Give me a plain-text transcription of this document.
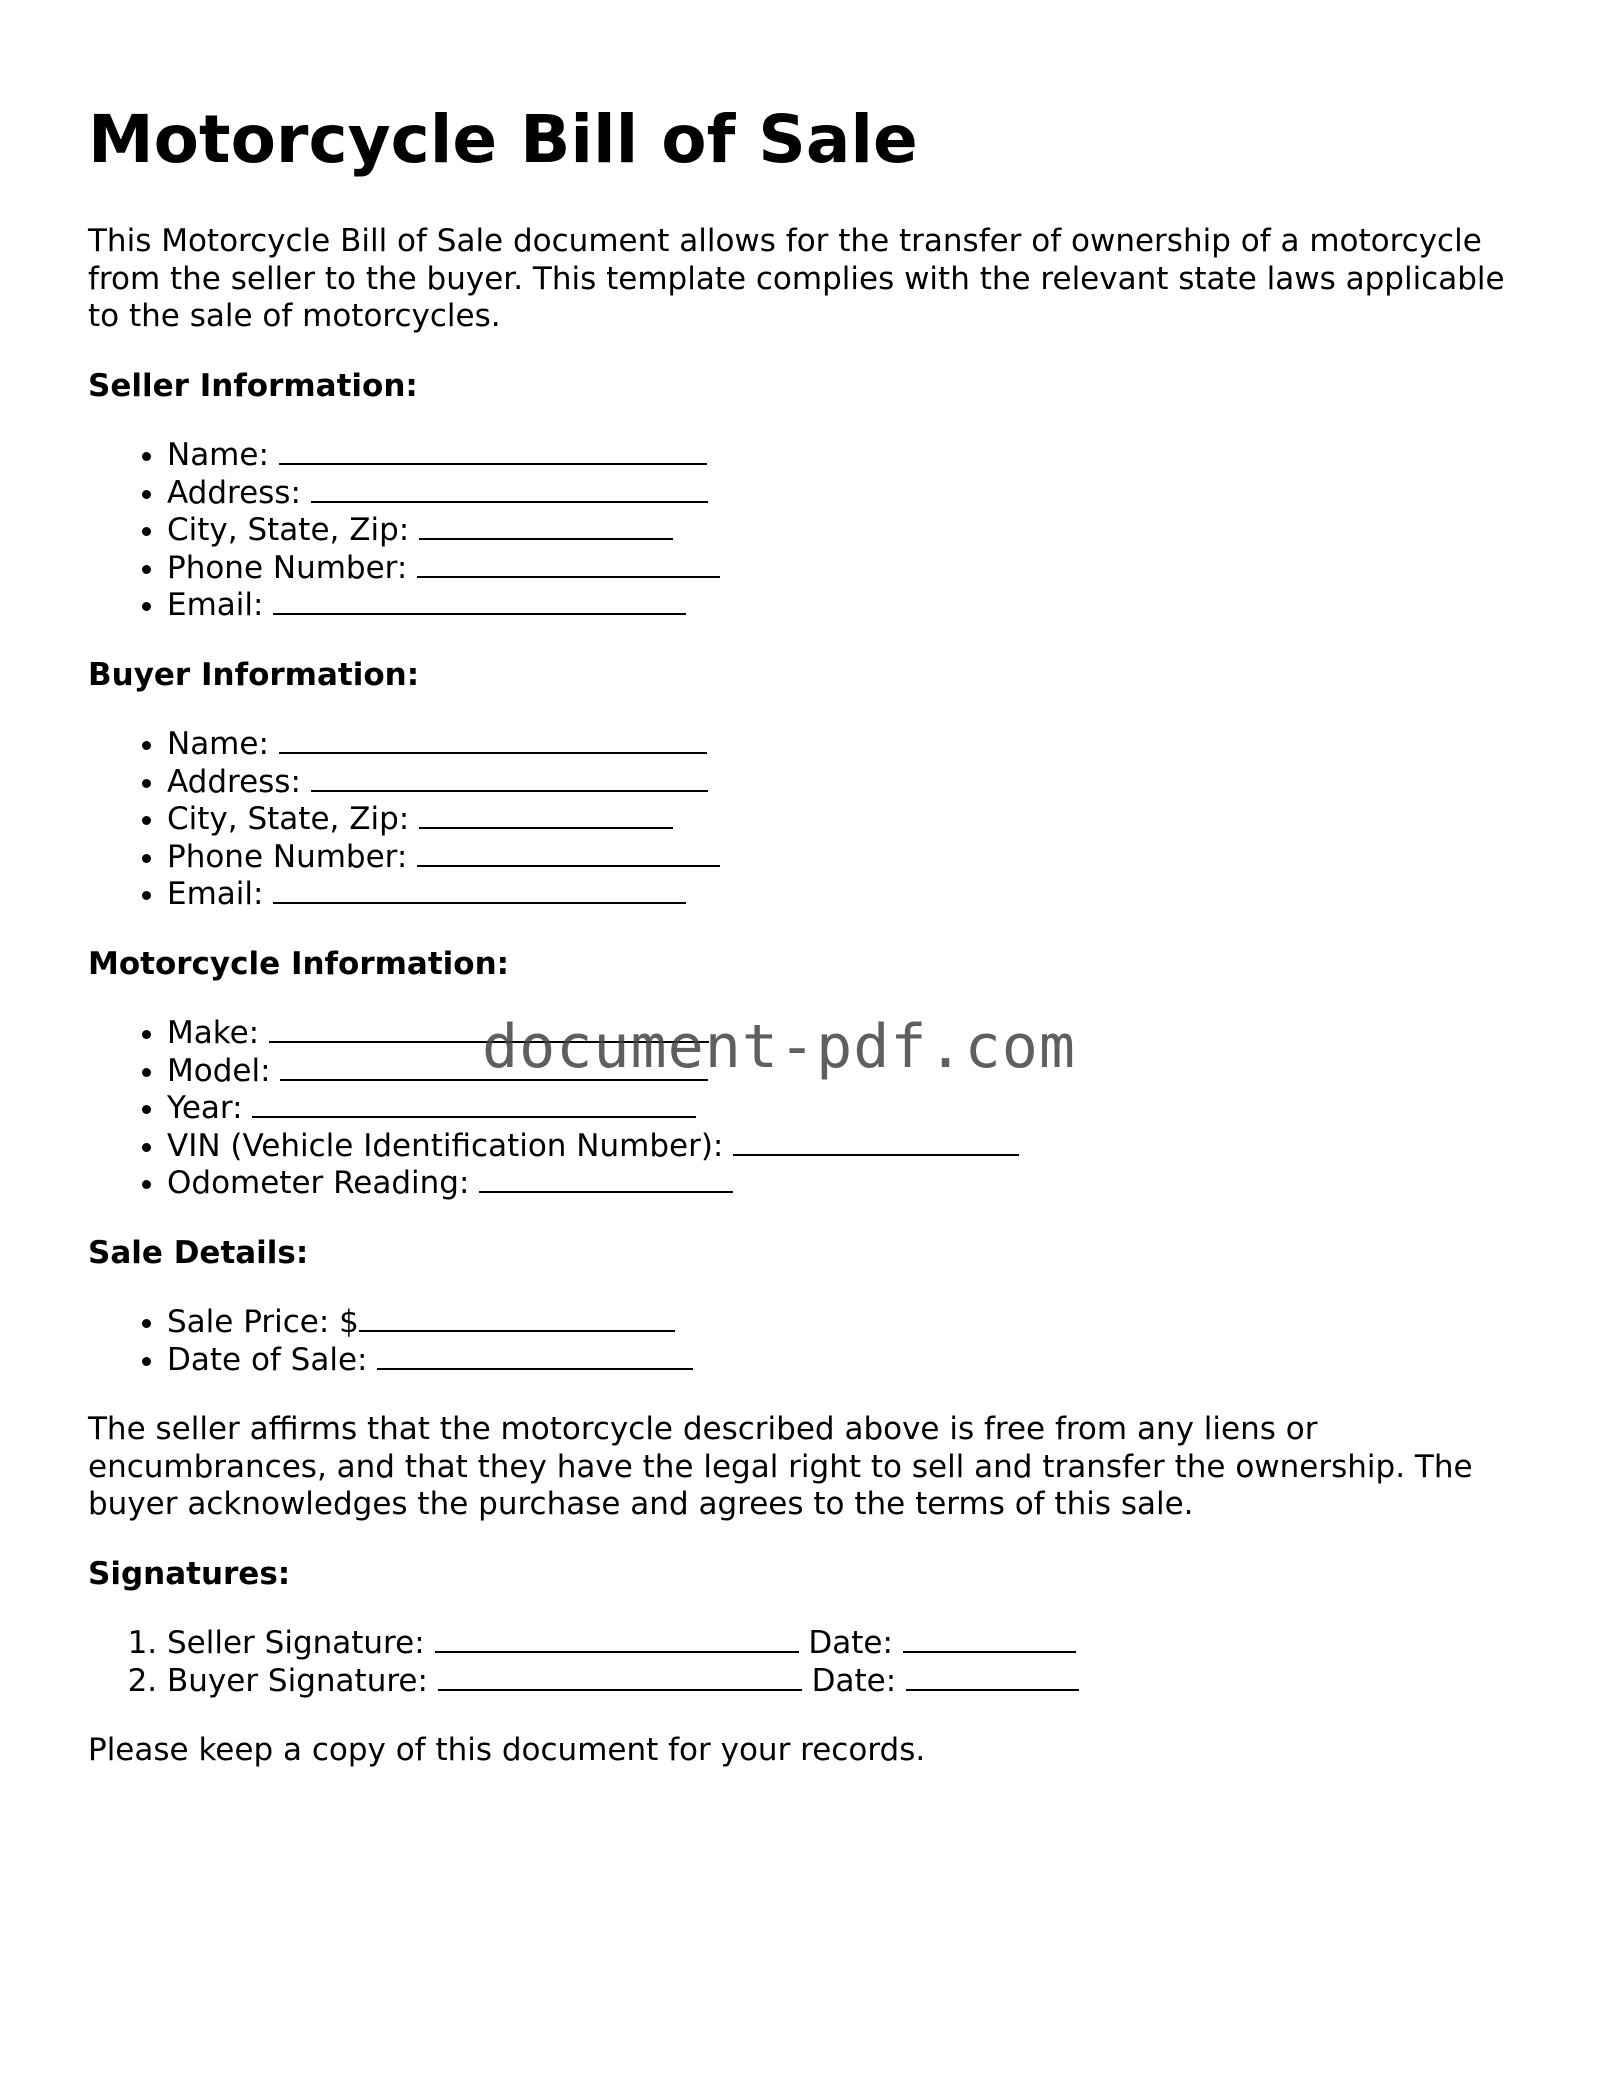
Motorcycle Bill of Sale

This Motorcycle Bill of Sale document allows for the transfer of ownership of a motorcycle from the seller to the buyer. This template complies with the relevant state laws applicable to the sale of motorcycles.

Seller Information:
• Name:
• Address:
• City, State, Zip:
• Phone Number:
• Email:
Buyer Information:
• Name:
• Address:
• City, State, Zip:
• Phone Number:
• Email:
Motorcycle Information:
• Make:
• Model:
• Year:
• VIN (Vehicle Identification Number):
• Odometer Reading:
Sale Details:
• Sale Price: $
• Date of Sale:

The seller affirms that the motorcycle described above is free from any liens or encumbrances, and that they have the legal right to sell and transfer the ownership. The buyer acknowledges the purchase and agrees to the terms of this sale.

Signatures:
1. Seller Signature:	Date:
2. Buyer Signature:	Date:

Please keep a copy of this document for your records.

document-pdf.com
